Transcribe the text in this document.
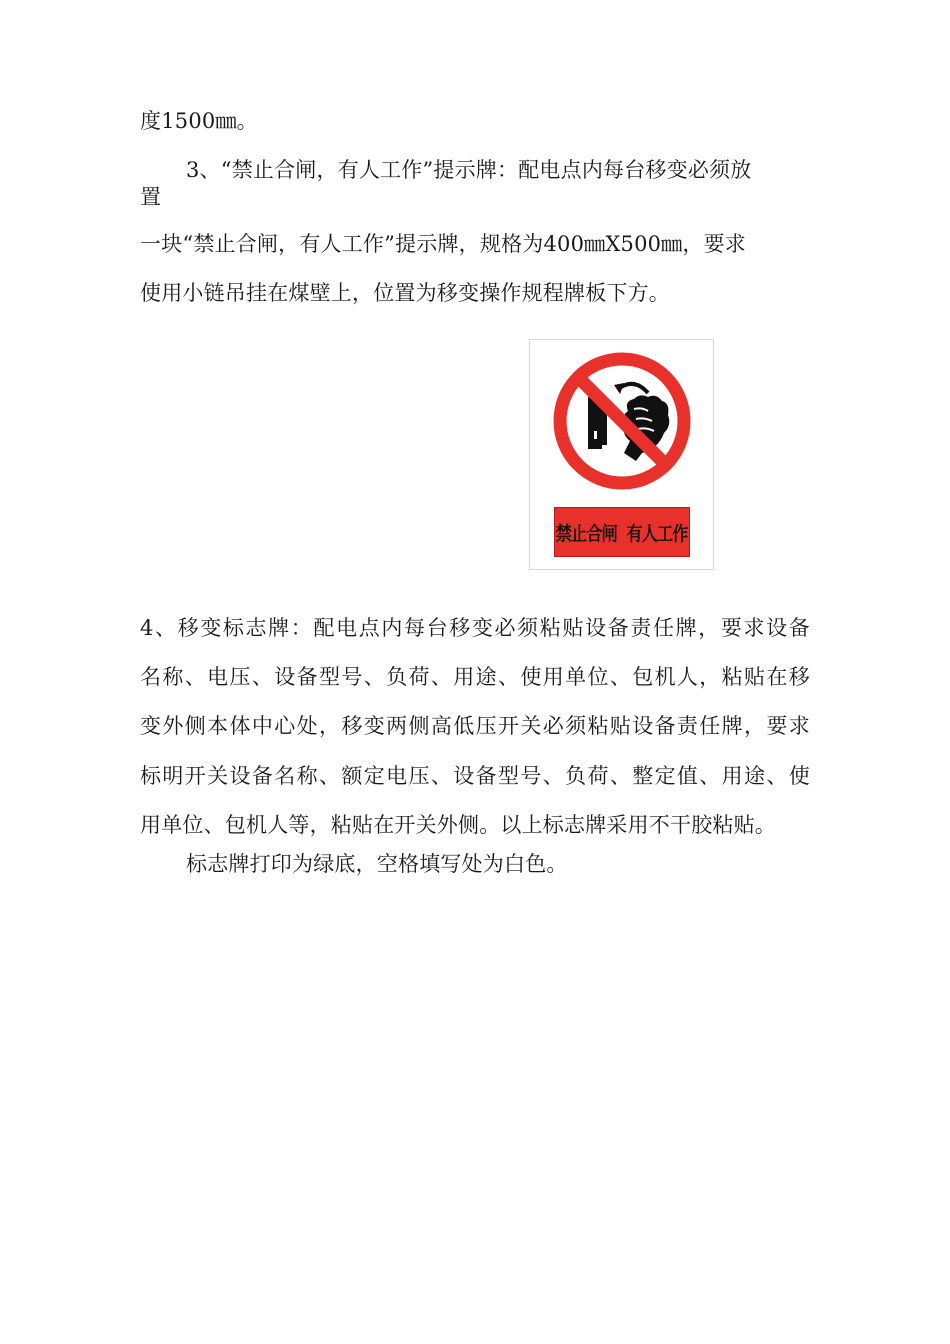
度1500㎜。
3、“禁止合闸，有人工作”提示牌：配电点内每台移变必须放
置
一块“禁止合闸，有人工作”提示牌，规格为400㎜X500㎜，要求
使用小链吊挂在煤壁上，位置为移变操作规程牌板下方。
禁止合闸  有人工作
4、移变标志牌：配电点内每台移变必须粘贴设备责任牌，要求设备
名称、电压、设备型号、负荷、用途、使用单位、包机人，粘贴在移
变外侧本体中心处，移变两侧高低压开关必须粘贴设备责任牌，要求
标明开关设备名称、额定电压、设备型号、负荷、整定值、用途、使
用单位、包机人等，粘贴在开关外侧。以上标志牌采用不干胶粘贴。
标志牌打印为绿底，空格填写处为白色。
